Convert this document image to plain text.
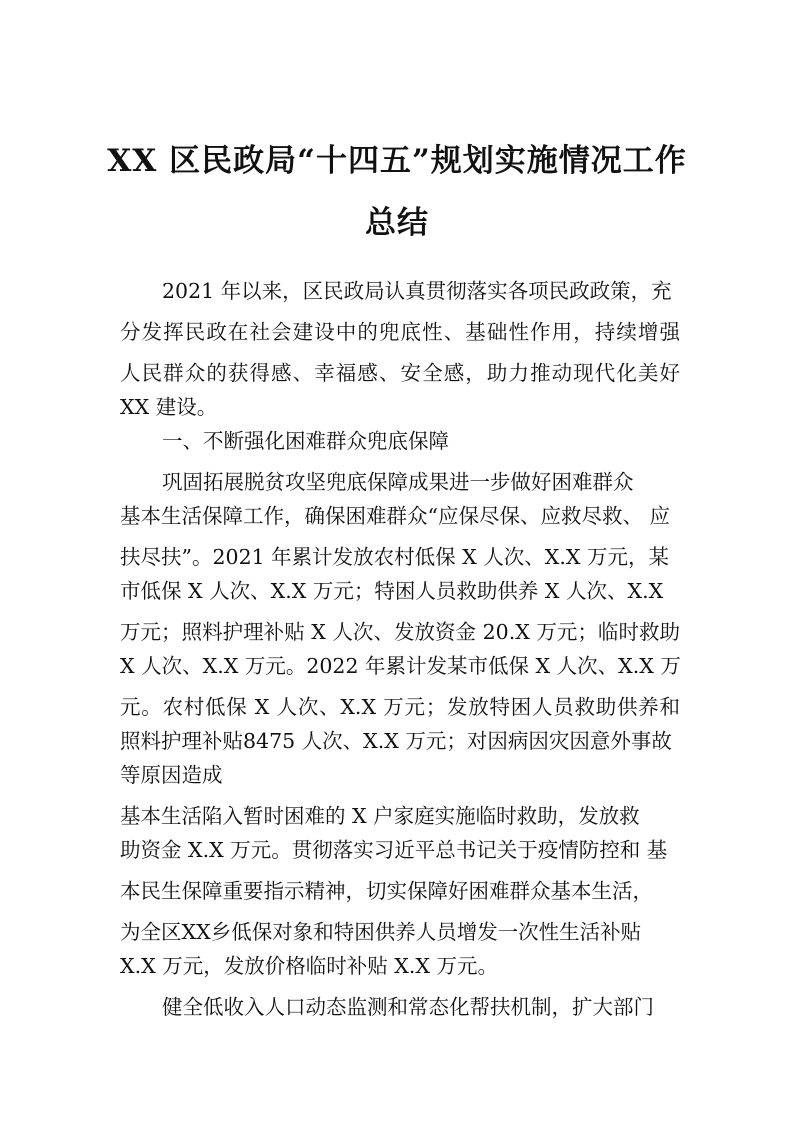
XX 区民政局“十四五”规划实施情况工作
总结
2021 年以来，区民政局认真贯彻落实各项民政政策，充
分发挥民政在社会建设中的兜底性、基础性作用，持续增强
人民群众的获得感、幸福感、安全感，助力推动现代化美好
XX 建设。
一、不断强化困难群众兜底保障
巩固拓展脱贫攻坚兜底保障成果进一步做好困难群众
基本生活保障工作，确保困难群众“应保尽保、应救尽救、 应
扶尽扶”。2021 年累计发放农村低保 X 人次、X.X 万元，某
市低保 X 人次、X.X 万元；特困人员救助供养 X 人次、X.X
万元；照料护理补贴 X 人次、发放资金 20.X 万元；临时救助
X 人次、X.X 万元。2022 年累计发某市低保 X 人次、X.X 万
元。农村低保 X 人次、X.X 万元；发放特困人员救助供养和
照料护理补贴8475 人次、X.X 万元；对因病因灾因意外事故
等原因造成
基本生活陷入暂时困难的 X 户家庭实施临时救助，发放救
助资金 X.X 万元。贯彻落实习近平总书记关于疫情防控和 基
本民生保障重要指示精神，切实保障好困难群众基本生活，
为全区XX乡低保对象和特困供养人员增发一次性生活补贴
X.X 万元，发放价格临时补贴 X.X 万元。
健全低收入人口动态监测和常态化帮扶机制，扩大部门
